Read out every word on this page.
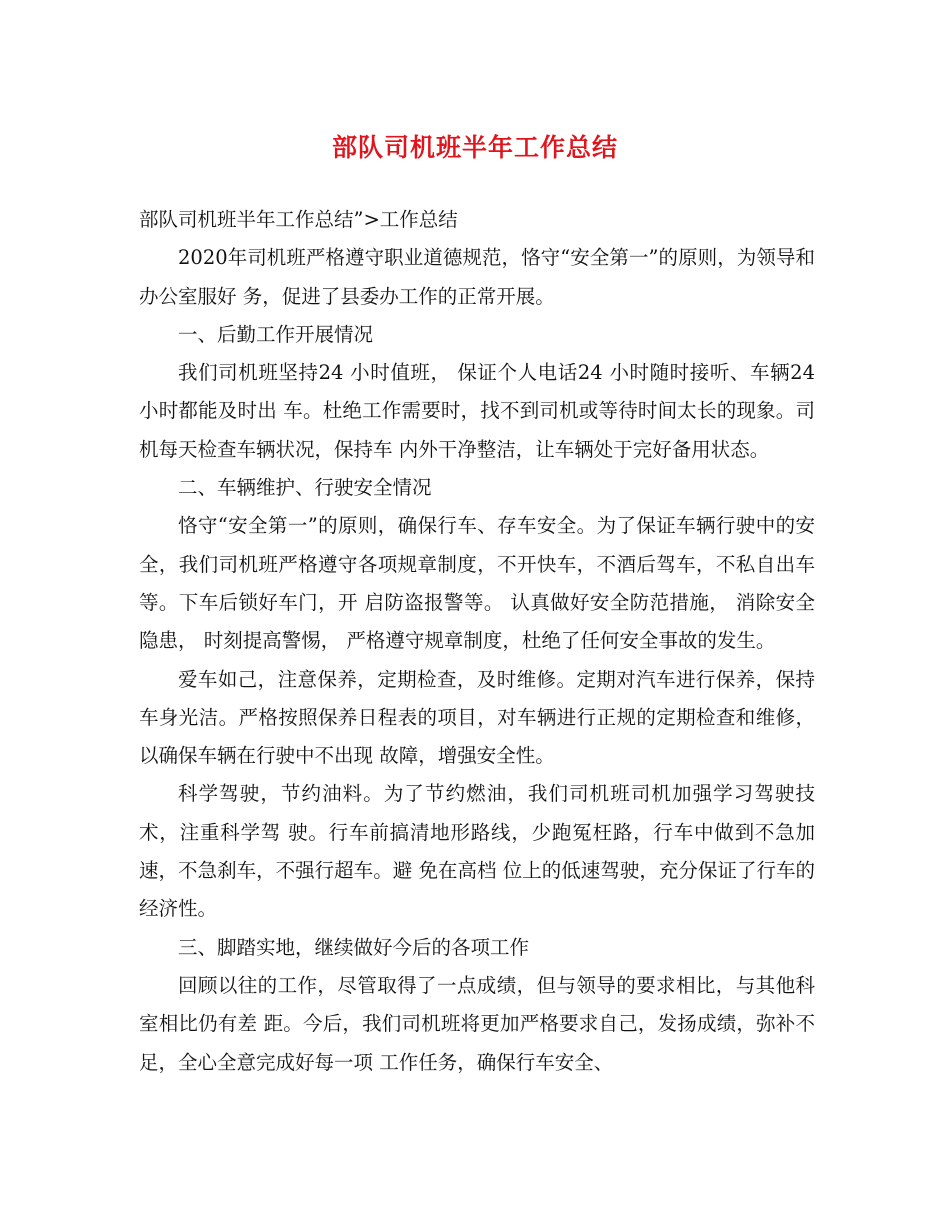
部队司机班半年工作总结

部队司机班半年工作总结”>工作总结

2020年司机班严格遵守职业道德规范，恪守“安全第一”的原则，为领导和办公室服好 务，促进了县委办工作的正常开展。

一、后勤工作开展情况

我们司机班坚持24 小时值班， 保证个人电话24 小时随时接听、车辆24 小时都能及时出 车。杜绝工作需要时，找不到司机或等待时间太长的现象。司机每天检查车辆状况，保持车 内外干净整洁，让车辆处于完好备用状态。

二、车辆维护、行驶安全情况

恪守“安全第一”的原则，确保行车、存车安全。为了保证车辆行驶中的安全，我们司机班严格遵守各项规章制度，不开快车，不酒后驾车，不私自出车等。下车后锁好车门，开 启防盗报警等。 认真做好安全防范措施， 消除安全隐患， 时刻提高警惕， 严格遵守规章制度，杜绝了任何安全事故的发生。

爱车如己，注意保养，定期检查，及时维修。定期对汽车进行保养，保持车身光洁。严格按照保养日程表的项目，对车辆进行正规的定期检查和维修，以确保车辆在行驶中不出现 故障，增强安全性。

科学驾驶，节约油料。为了节约燃油，我们司机班司机加强学习驾驶技术，注重科学驾 驶。行车前搞清地形路线，少跑冤枉路，行车中做到不急加速，不急刹车，不强行超车。避 免在高档 位上的低速驾驶，充分保证了行车的经济性。

三、脚踏实地，继续做好今后的各项工作

回顾以往的工作，尽管取得了一点成绩，但与领导的要求相比，与其他科室相比仍有差 距。今后，我们司机班将更加严格要求自己，发扬成绩，弥补不足，全心全意完成好每一项 工作任务，确保行车安全、
